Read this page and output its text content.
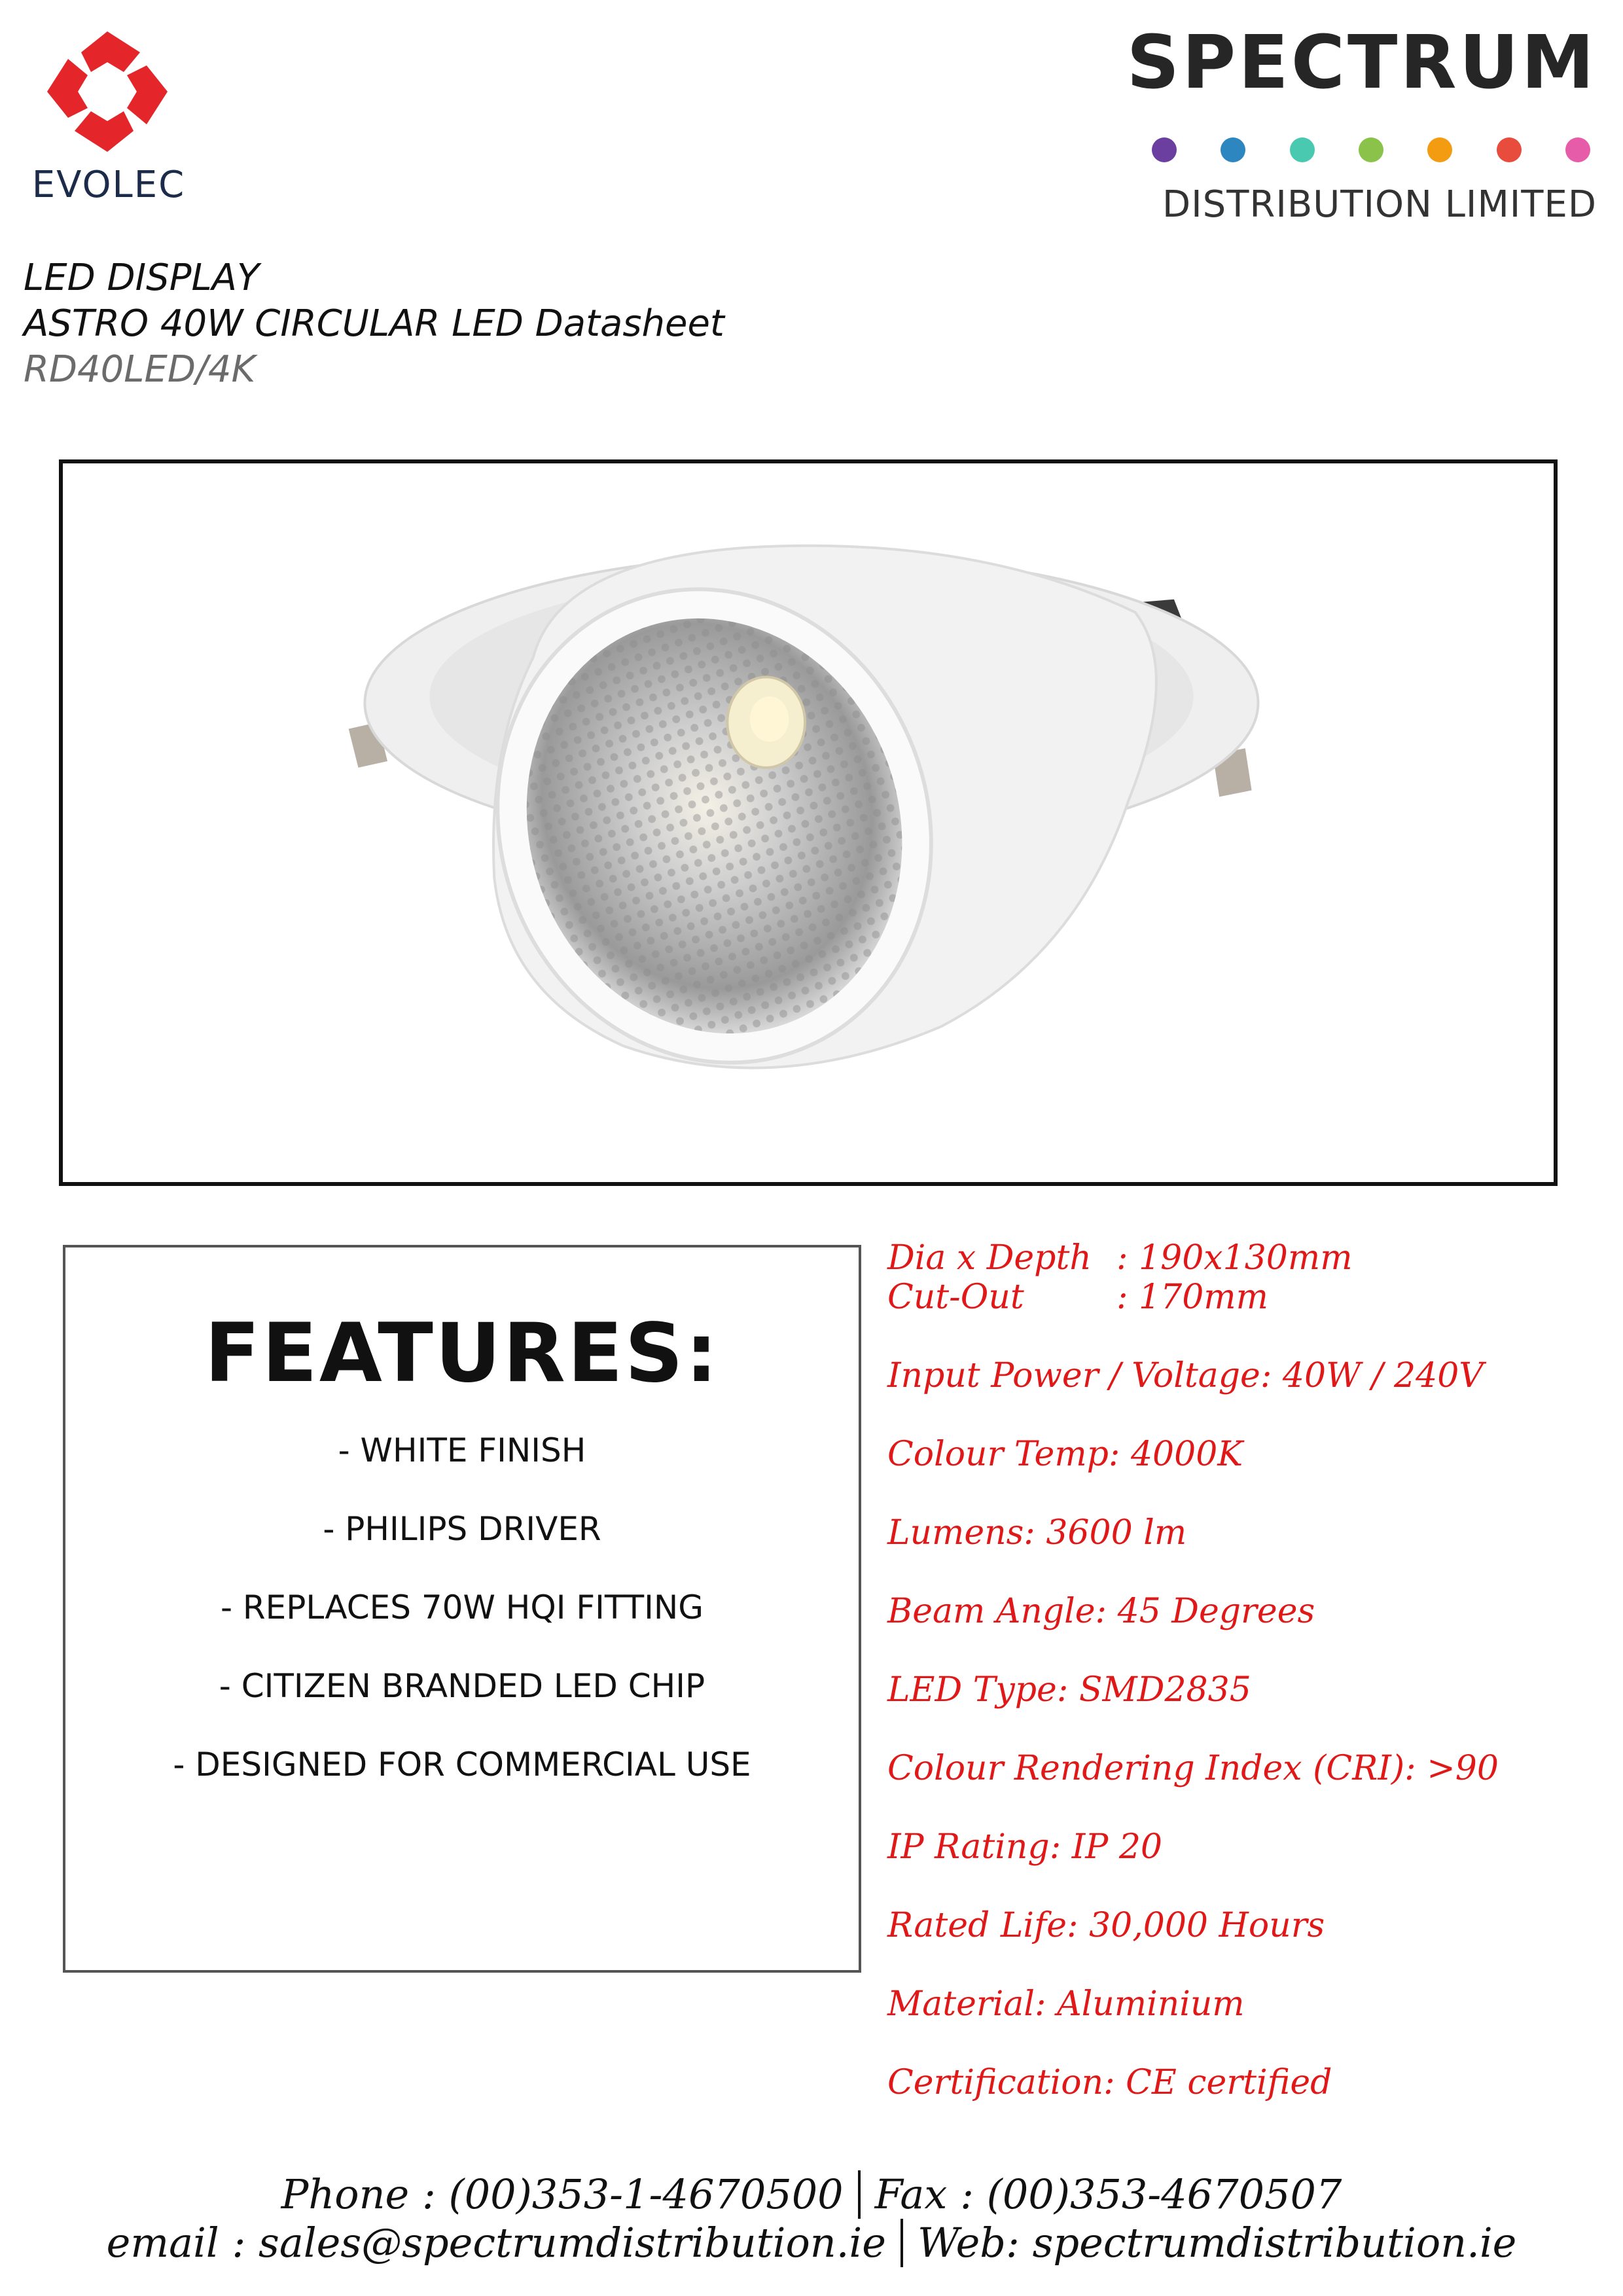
EVOLEC
SPECTRUM
DISTRIBUTION LIMITED
LED DISPLAY
ASTRO 40W CIRCULAR LED Datasheet
RD40LED/4K
FEATURES:
- WHITE FINISH
- PHILIPS DRIVER
- REPLACES 70W HQI FITTING
- CITIZEN BRANDED LED CHIP
- DESIGNED FOR COMMERCIAL USE
Dia x Depth : 190x130mm
Cut-Out	: 170mm
Input Power / Voltage: 40W / 240V
Colour Temp: 4000K
Lumens: 3600 lm
Beam Angle: 45 Degrees
LED Type: SMD2835
Colour Rendering Index (CRI): >90
IP Rating: IP 20
Rated Life: 30,000 Hours
Material: Aluminium
Certification: CE certified
Phone : (00)353-1-4670500 Fax : (00)353-4670507
email : sales@spectrumdistribution.ie Web: spectrumdistribution.ie
